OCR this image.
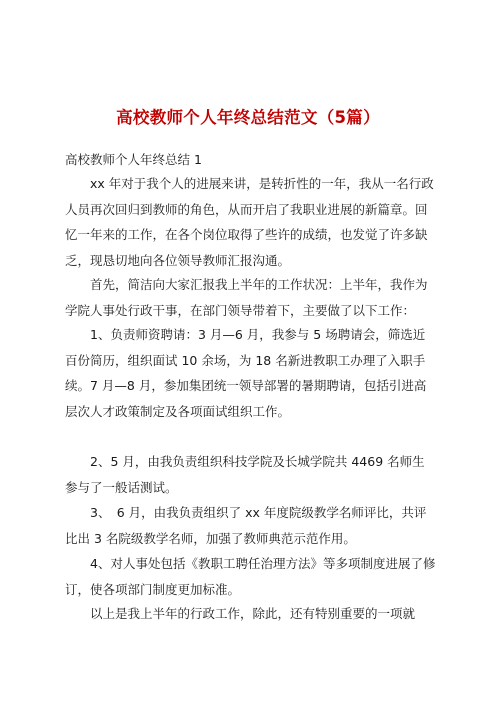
高校教师个人年终总结范文（5篇）
高校教师个人年终总结 1

xx 年对于我个人的进展来讲，是转折性的一年，我从一名行政人员再次回归到教师的角色，从而开启了我职业进展的新篇章。回忆一年来的工作，在各个岗位取得了些许的成绩，也发觉了许多缺乏，现恳切地向各位领导教师汇报沟通。

首先，简洁向大家汇报我上半年的工作状况：上半年，我作为学院人事处行政干事，在部门领导带着下，主要做了以下工作：

1、负责师资聘请：3 月—6 月，我参与 5 场聘请会，筛选近百份简历，组织面试 10 余场，为 18 名新进教职工办理了入职手续。7 月—8 月，参加集团统一领导部署的暑期聘请，包括引进高层次人才政策制定及各项面试组织工作。

2、5 月，由我负责组织科技学院及长城学院共 4469 名师生参与了一般话测试。

3、　6 月，由我负责组织了 xx 年度院级教学名师评比，共评比出 3 名院级教学名师，加强了教师典范示范作用。

4、对人事处包括《教职工聘任治理方法》等多项制度进展了修订，使各项部门制度更加标准。

以上是我上半年的行政工作，除此，还有特别重要的一项就
